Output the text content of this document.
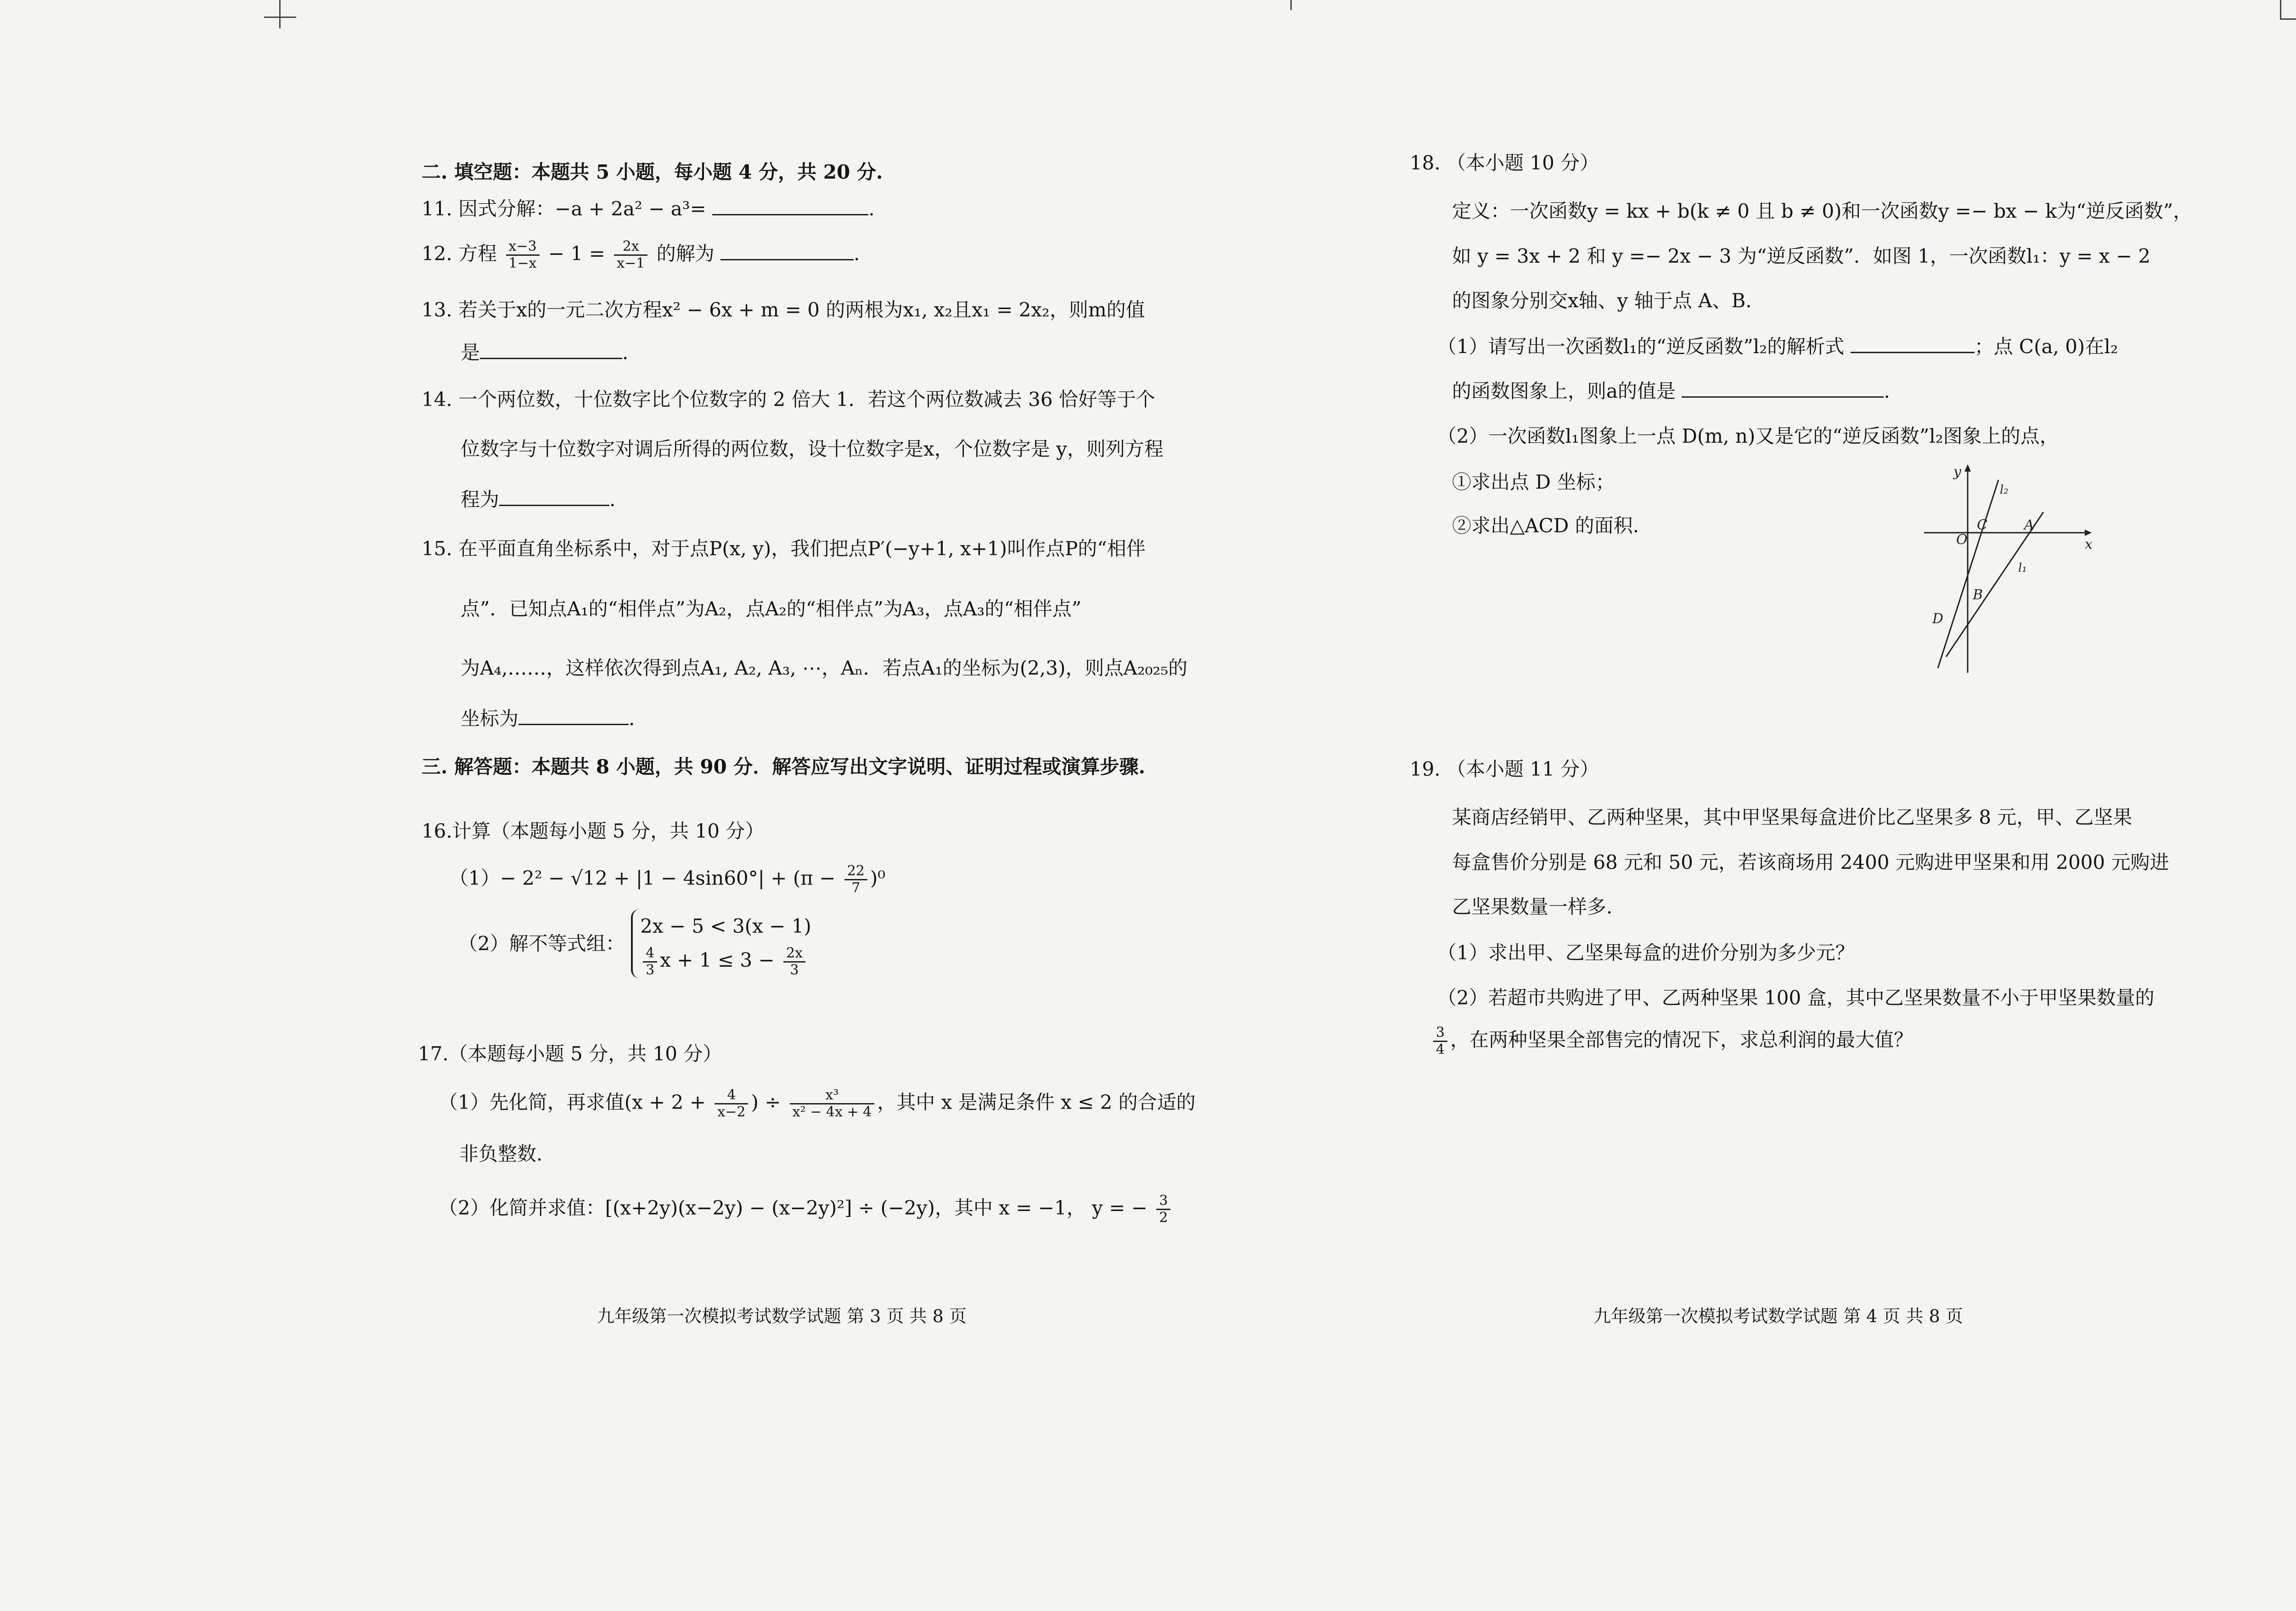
二. 填空题：本题共 5 小题，每小题 4 分，共 20 分.
11. 因式分解：−a + 2a² − a³=	.
12. 方程 $\frac{x-3}{1-x} - 1 = \frac{2x}{x-1}$ 的解为	.
13. 若关于x的一元二次方程x² − 6x + m = 0 的两根为x₁, x₂且x₁ = 2x₂，则m的值
是	.
14. 一个两位数，十位数字比个位数字的 2 倍大 1．若这个两位数减去 36 恰好等于个
位数字与十位数字对调后所得的两位数，设十位数字是x，个位数字是 y，则列方程
程为	.
15. 在平面直角坐标系中，对于点P(x, y)，我们把点P′(−y+1, x+1)叫作点P的“相伴
点”．已知点A₁的“相伴点”为A₂，点A₂的“相伴点”为A₃，点A₃的“相伴点”
为A₄,……，这样依次得到点A₁, A₂, A₃, ⋯，Aₙ．若点A₁的坐标为(2,3)，则点A₂₀₂₅的
坐标为	.
三. 解答题：本题共 8 小题，共 90 分．解答应写出文字说明、证明过程或演算步骤.
16.计算（本题每小题 5 分，共 10 分）
$(1)- 2^2 - √12 + |1 - 4\sin 60^\circ| + (\pi - \frac{22}{7} )^0$
（2）解不等式组：
2x − 5 < 3(x − 1)
$\frac{4}{3}$ $x + 1 \le 3 - \frac{2x}{3}$
17.（本题每小题 5 分，共 10 分）
（1）先化简，再求值($x + 2 + \frac{4}{x-2}$ ) ÷ $\frac{\text{x³}}{\text{x² − 4x + 4}}$ ，其中 x 是满足条件 x ≤ 2 的合适的
非负整数.
（2）化简并求值：[(x+2y)(x−2y) − (x−2y)²] ÷ (−2y)，其中 x = −1， y = − $\frac{3}{2}$
九年级第一次模拟考试数学试题 第 3 页 共 8 页
18. （本小题 10 分）
定义：一次函数y = kx + b(k ≠ 0 且 b ≠ 0)和一次函数y =− bx − k为“逆反函数”，
如 y = 3x + 2 和 y =− 2x − 3 为“逆反函数”．如图 1，一次函数l₁：y = x − 2
的图象分别交x轴、y 轴于点 A、B.
（1）请写出一次函数l₁的“逆反函数”l₂的解析式	；点 C(a, 0)在l₂
的函数图象上，则a的值是	.
（2）一次函数l₁图象上一点 D(m, n)又是它的“逆反函数”l₂图象上的点，
①求出点 D 坐标；
②求出△ACD 的面积.
y
x
l₂
l₁
C
O
A
B
D
19. （本小题 11 分）
某商店经销甲、乙两种坚果，其中甲坚果每盒进价比乙坚果多 8 元，甲、乙坚果
每盒售价分别是 68 元和 50 元，若该商场用 2400 元购进甲坚果和用 2000 元购进
乙坚果数量一样多.
（1）求出甲、乙坚果每盒的进价分别为多少元？
（2）若超市共购进了甲、乙两种坚果 100 盒，其中乙坚果数量不小于甲坚果数量的
$\frac{3}{4}$ ，在两种坚果全部售完的情况下，求总利润的最大值？
九年级第一次模拟考试数学试题 第 4 页 共 8 页
